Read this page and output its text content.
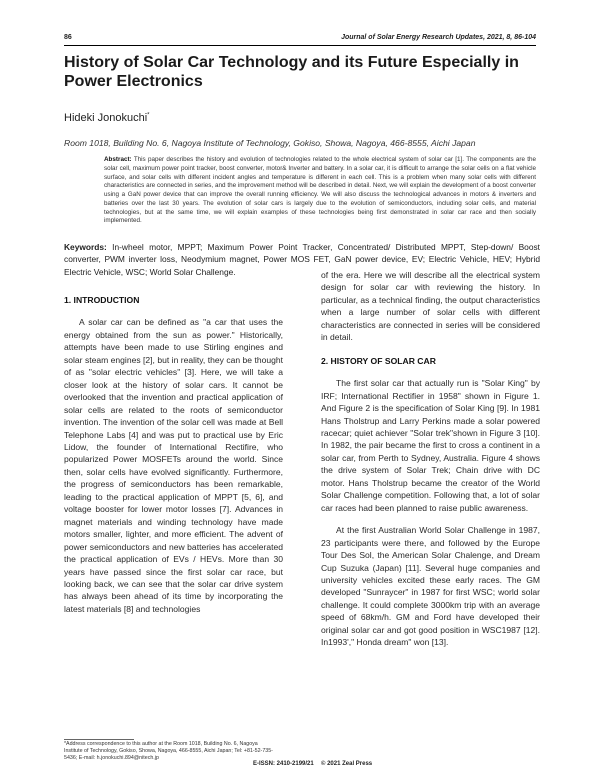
86	Journal of Solar Energy Research Updates, 2021, 8, 86-104
History of Solar Car Technology and its Future Especially in Power Electronics
Hideki Jonokuchi*
Room 1018, Building No. 6, Nagoya Institute of Technology, Gokiso, Showa, Nagoya, 466-8555, Aichi Japan
Abstract: This paper describes the history and evolution of technologies related to the whole electrical system of solar car [1]. The components are the solar cell, maximum power point tracker, boost converter, motor& Inverter and battery. In a solar car, it is difficult to arrange the solar cells on a flat vehicle surface, and solar cells with different incident angles and temperature is different in each cell. This is a problem when many solar cells with different characteristics are connected in series, and the improvement method will be described in detail. Next, we will explain the development of a boost converter using a GaN power device that can improve the overall running efficiency. We will also discuss the technological advances in motors & inverters and batteries over the last 30 years. The evolution of solar cars is largely due to the evolution of semiconductors, including solar cells, and material technologies, but at the same time, we will explain examples of these technologies being first demonstrated in solar car race and then socially implemented.
Keywords: In-wheel motor, MPPT; Maximum Power Point Tracker, Concentrated/ Distributed MPPT, Step-down/ Boost converter, PWM inverter loss, Neodymium magnet, Power MOS FET, GaN power device, EV; Electric Vehicle, HEV; Hybrid Electric Vehicle, WSC; World Solar Challenge.
1. INTRODUCTION

A solar car can be defined as "a car that uses the energy obtained from the sun as power." Historically, attempts have been made to use Stirling engines and solar steam engines [2], but in reality, they can be thought of as "solar electric vehicles" [3]. Here, we will take a closer look at the history of solar cars. It cannot be overlooked that the invention and practical application of solar cells are related to the roots of semiconductor invention. The invention of the solar cell was made at Bell Telephone Labs [4] and was put to practical use by Eric Lidow, the founder of International Rectifire, who popularized Power MOSFETs around the world. Since then, solar cells have evolved significantly. Furthermore, the progress of semiconductors has been remarkable, leading to the practical application of MPPT [5, 6], and voltage booster for lower motor losses [7]. Advances in magnet materials and winding technology have made motors smaller, lighter, and more efficient. The advent of power semiconductors and new batteries has accelerated the practical application of EVs / HEVs. More than 30 years have passed since the first solar car race, but looking back, we can see that the solar car drive system has always been ahead of its time by incorporating the latest materials [8] and technologies

of the era. Here we will describe all the electrical system design for solar car with reviewing the history. In particular, as a technical finding, the output characteristics when a large number of solar cells with different characteristics are connected in series will be considered in detail.

2. HISTORY OF SOLAR CAR

The first solar car that actually run is "Solar King" by IRF; International Rectifier in 1958" shown in Figure 1. And Figure 2 is the specification of Solar King [9]. In 1981 Hans Tholstrup and Larry Perkins made a solar powered racecar; quiet achiever "Solar trek"shown in Figure 3 [10]. In 1982, the pair became the first to cross a continent in a solar car, from Perth to Sydney, Australia. Figure 4 shows the drive system of Solar Trek; Chain drive with DC motor. Hans Tholstrup became the creator of the World Solar Challenge competition. Following that, a lot of solar car races had been planned to raise public awareness.

At the first Australian World Solar Challenge in 1987, 23 participants were there, and followed by the Europe Tour Des Sol, the American Solar Chalenge, and Dream Cup Suzuka (Japan) [11]. Several huge companies and university vehicles excited these early races. The GM developed "Sunraycer" in 1987 for first WSC; world solar challenge. It could complete 3000km trip with an average speed of 68km/h. GM and Ford have developed their original solar car and got good position in WSC1987 [12]. In1993'," Honda dream" won [13].

*Address correspondence to this author at the Room 1018, Building No. 6, Nagoya Institute of Technology, Gokiso, Showa, Nagoya, 466-8555, Aichi Japan; Tel: +81-52-735-5436; E-mail: h.jonokuchi.894@nitech.jp
E-ISSN: 2410-2199/21 © 2021 Zeal Press
